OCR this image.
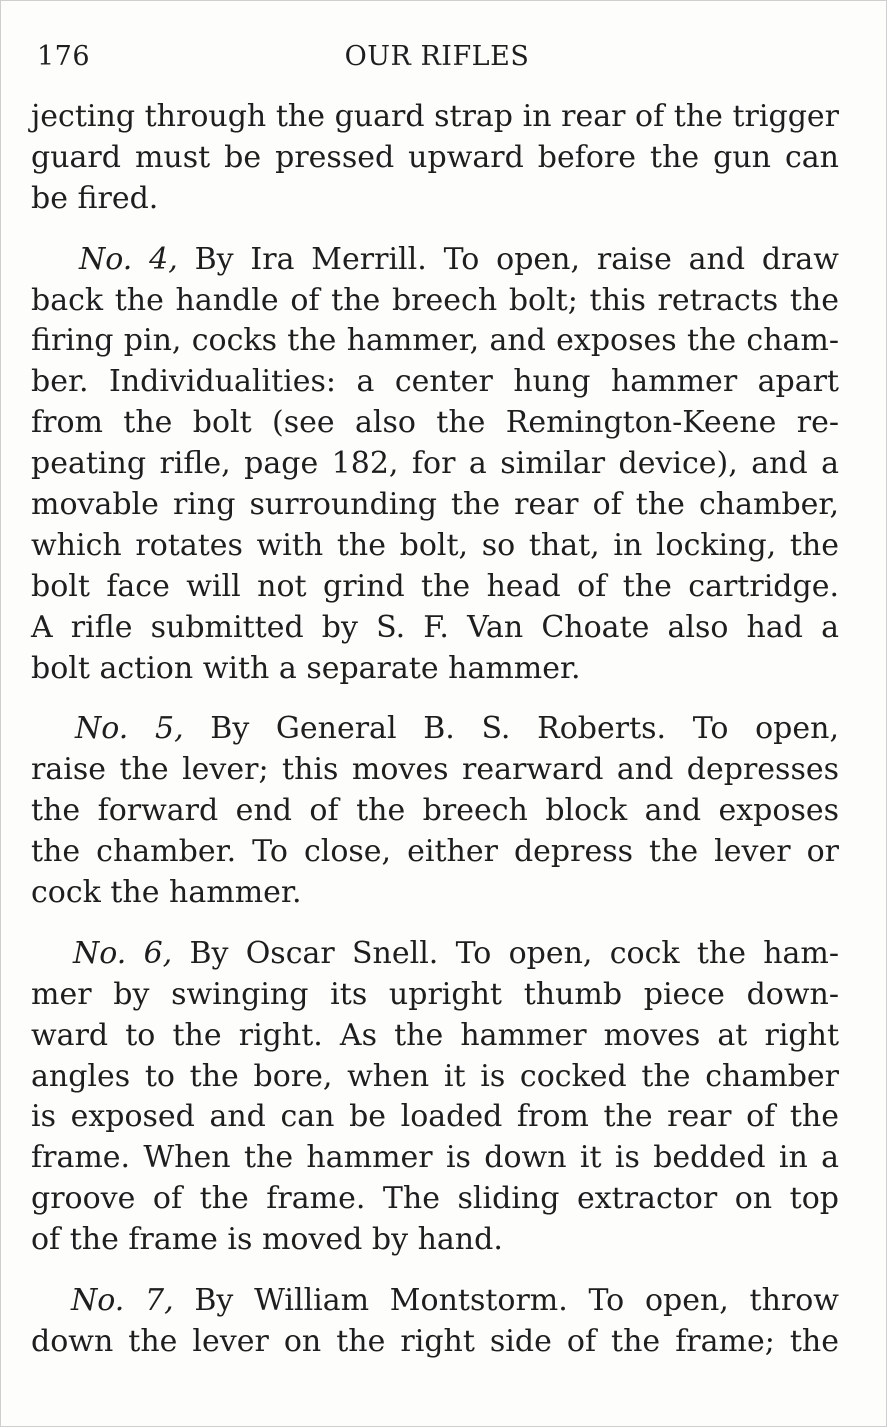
176	OUR RIFLES
jecting through the guard strap in rear of the trigger
guard must be pressed upward before the gun can
be fired.
No. 4, By Ira Merrill. To open, raise and draw
back the handle of the breech bolt; this retracts the
firing pin, cocks the hammer, and exposes the cham-
ber. Individualities: a center hung hammer apart
from the bolt (see also the Remington-Keene re-
peating rifle, page 182, for a similar device), and a
movable ring surrounding the rear of the chamber,
which rotates with the bolt, so that, in locking, the
bolt face will not grind the head of the cartridge.
A rifle submitted by S. F. Van Choate also had a
bolt action with a separate hammer.
No. 5, By General B. S. Roberts. To open,
raise the lever; this moves rearward and depresses
the forward end of the breech block and exposes
the chamber. To close, either depress the lever or
cock the hammer.
No. 6, By Oscar Snell. To open, cock the ham-
mer by swinging its upright thumb piece down-
ward to the right. As the hammer moves at right
angles to the bore, when it is cocked the chamber
is exposed and can be loaded from the rear of the
frame. When the hammer is down it is bedded in a
groove of the frame. The sliding extractor on top
of the frame is moved by hand.
No. 7, By William Montstorm. To open, throw
down the lever on the right side of the frame; the
